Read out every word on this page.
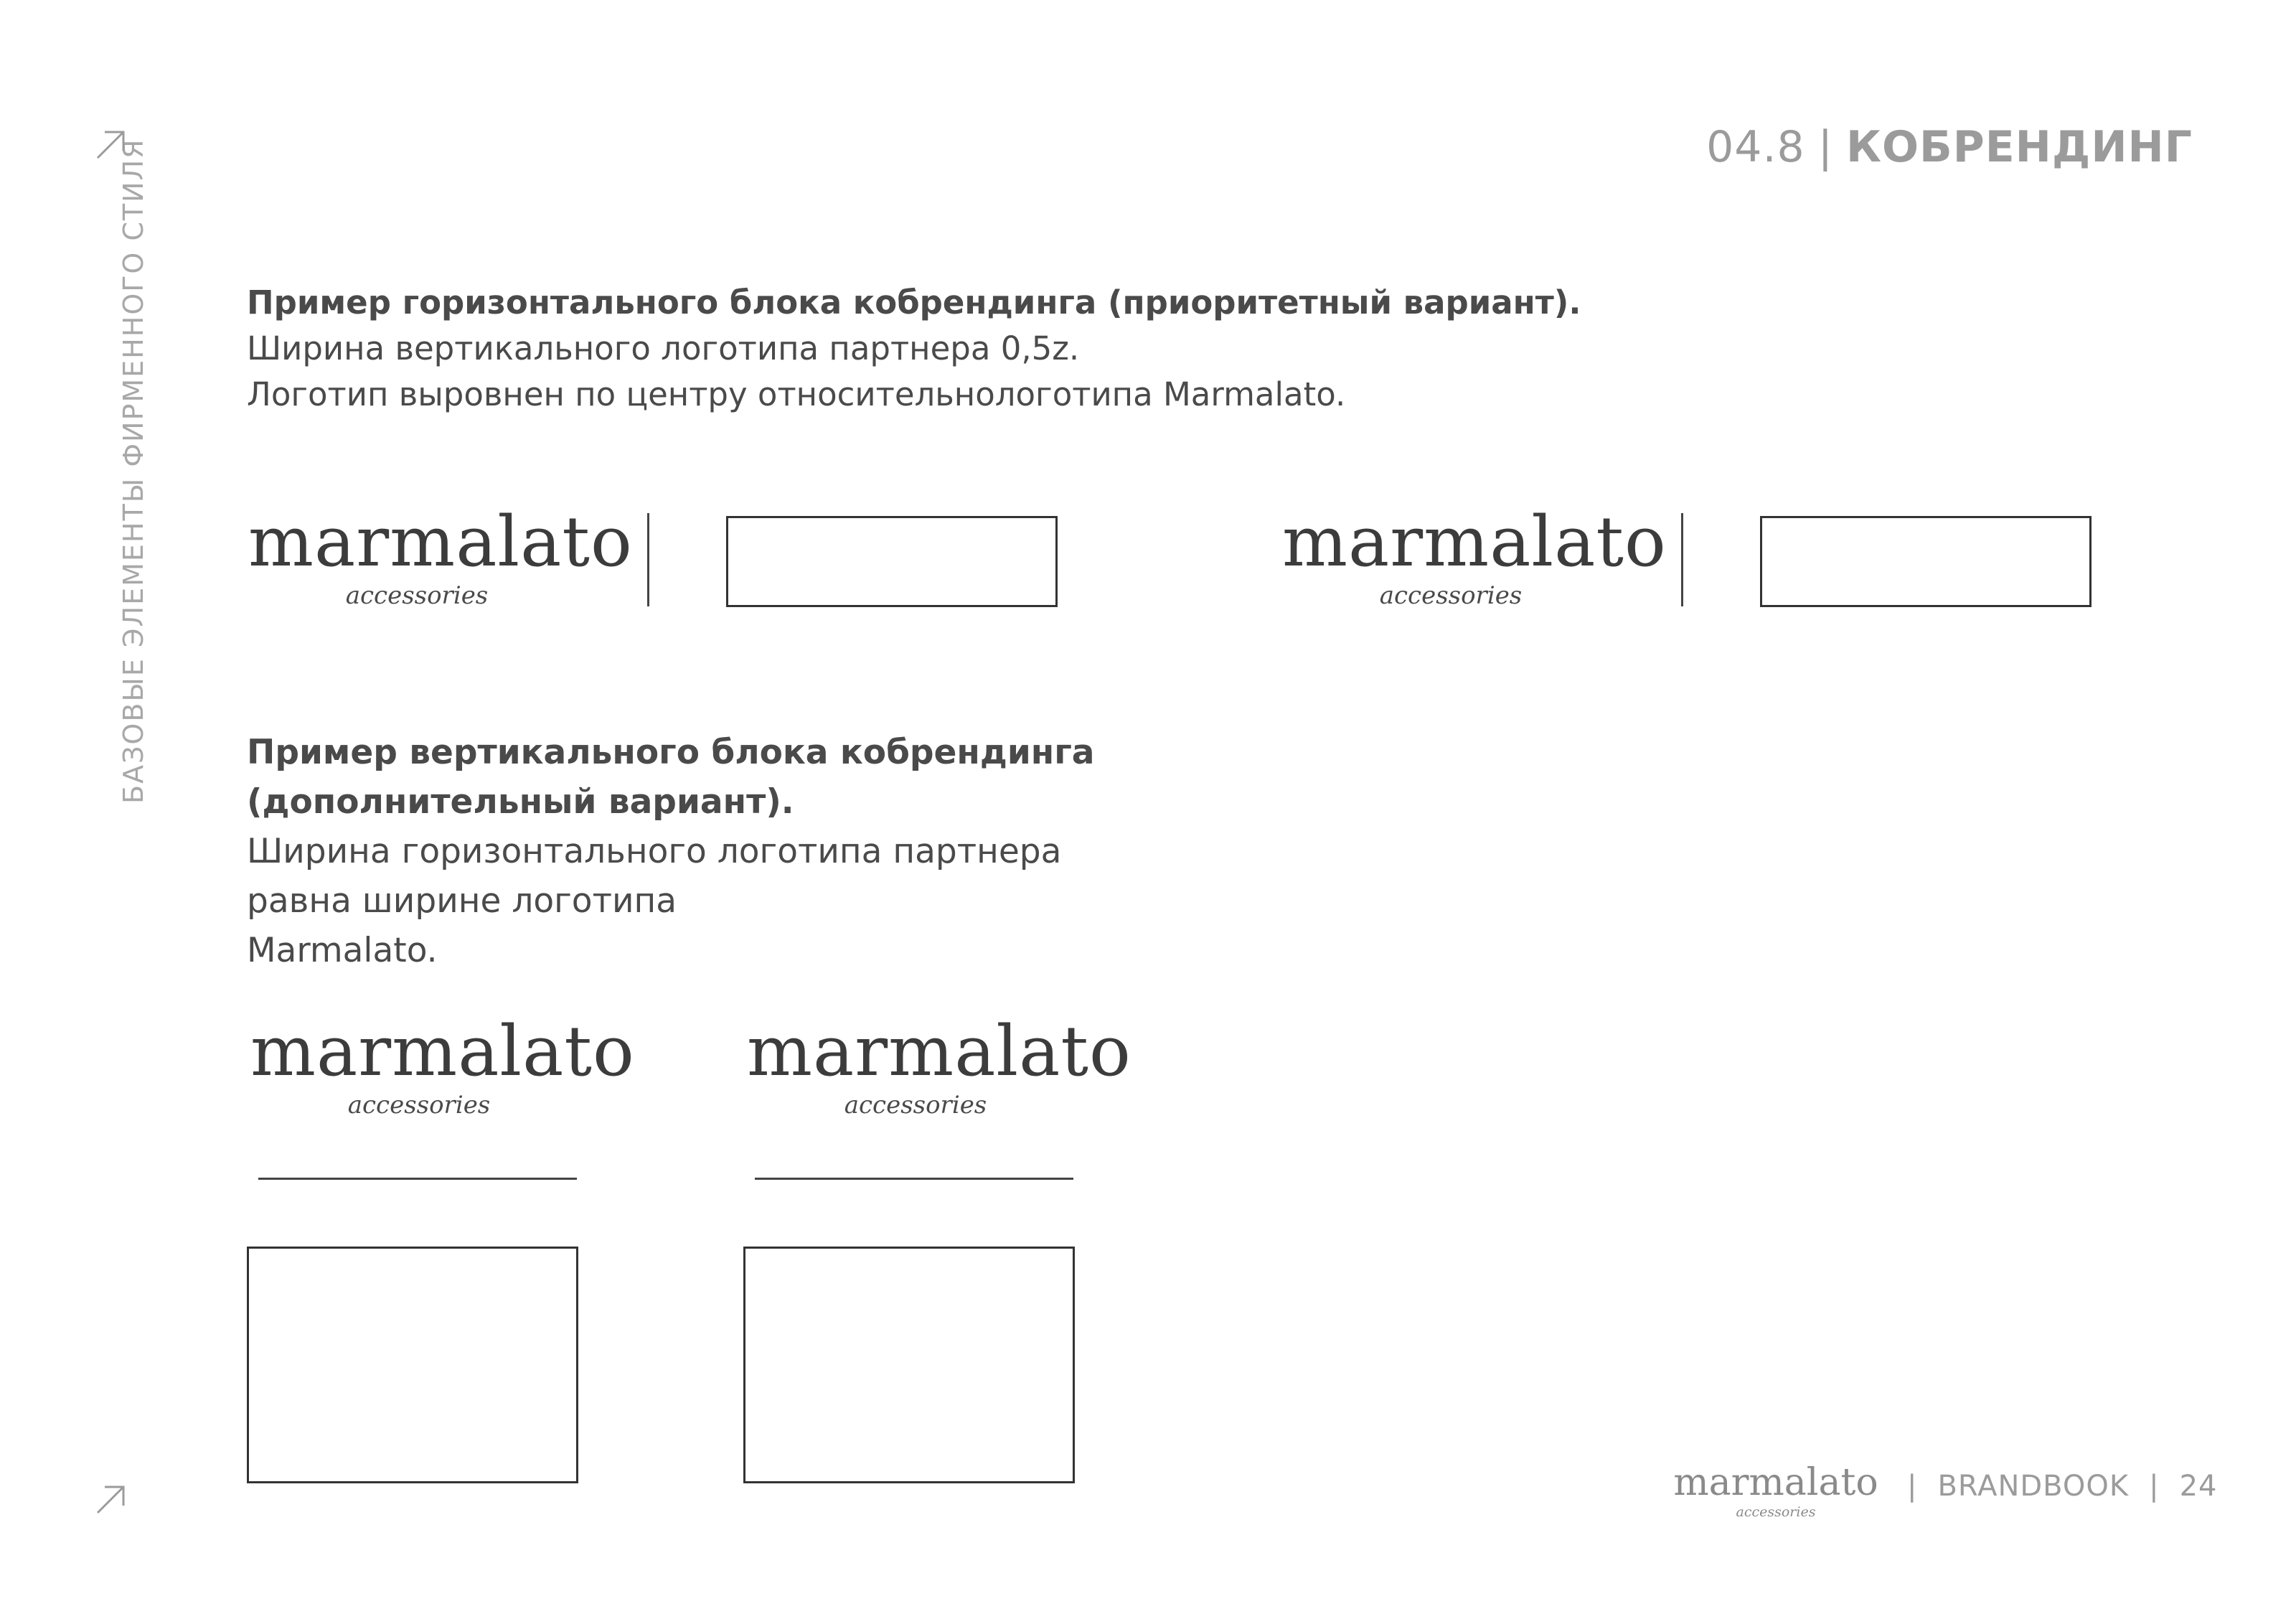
БАЗОВЫЕ ЭЛЕМЕНТЫ ФИРМЕННОГО СТИЛЯ	04.8 | КОБРЕНДИНГ
Пример горизонтального блока кобрендинга (приоритетный вариант).
Ширина вертикального логотипа партнера 0,5z.
Логотип выровнен по центру относительнологотипа Marmalato.
marmalato
accessories
marmalato
accessories
Пример вертикального блока кобрендинга
(дополнительный вариант).
Ширина горизонтального логотипа партнера
равна ширине логотипа
Marmalato.
marmalato
accessories
marmalato
accessories
marmalato
accessories
| BRANDBOOK | 24
